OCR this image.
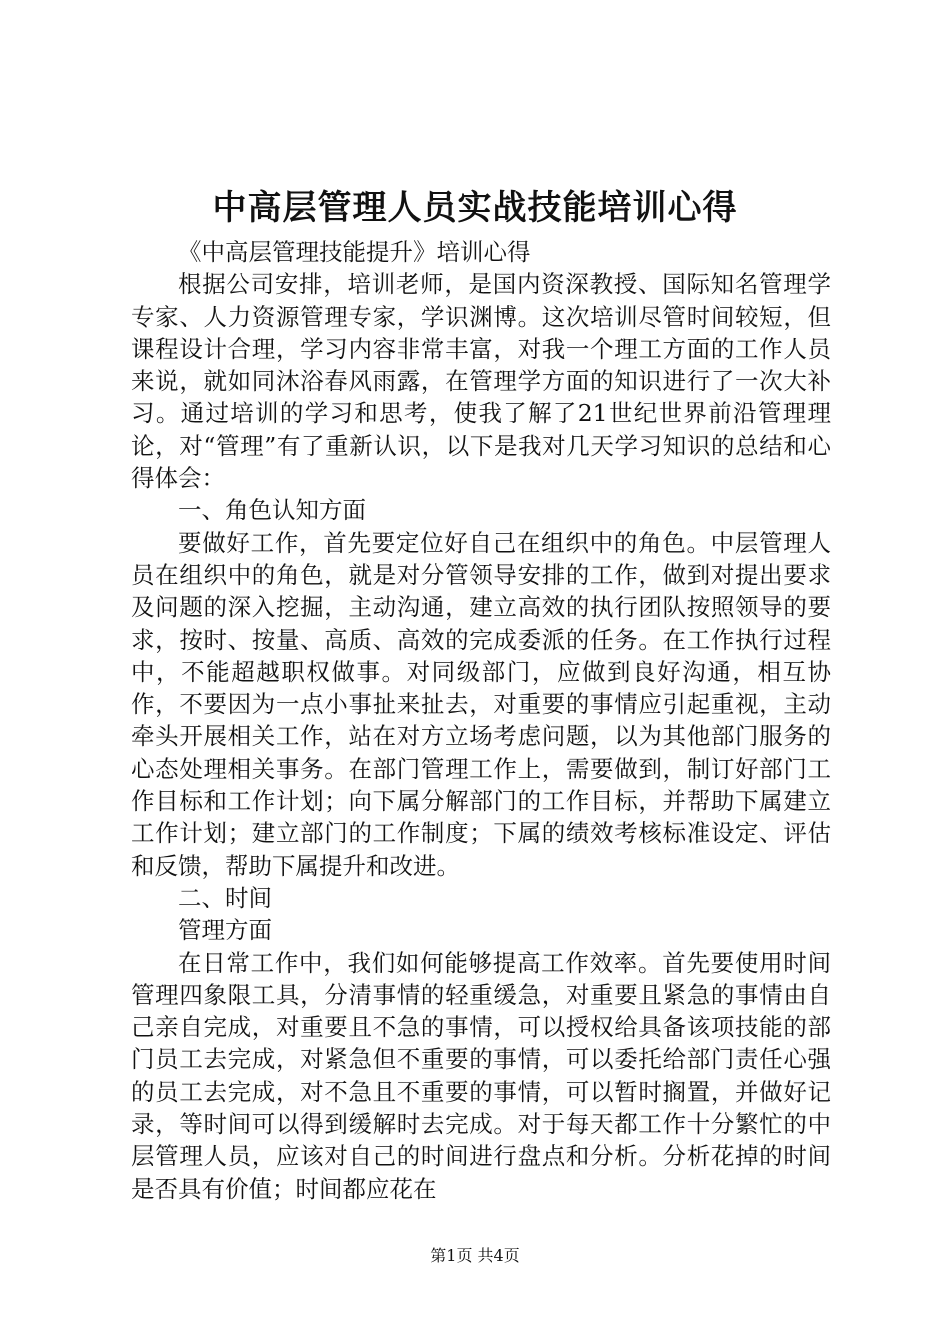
中高层管理人员实战技能培训心得

《中高层管理技能提升》培训心得

根据公司安排，培训老师，是国内资深教授、国际知名管理学专家、人力资源管理专家，学识渊博。这次培训尽管时间较短，但课程设计合理，学习内容非常丰富，对我一个理工方面的工作人员来说，就如同沐浴春风雨露，在管理学方面的知识进行了一次大补习。通过培训的学习和思考，使我了解了21世纪世界前沿管理理论，对“管理”有了重新认识，以下是我对几天学习知识的总结和心得体会：

一、角色认知方面

要做好工作，首先要定位好自己在组织中的角色。中层管理人员在组织中的角色，就是对分管领导安排的工作，做到对提出要求及问题的深入挖掘，主动沟通，建立高效的执行团队按照领导的要求，按时、按量、高质、高效的完成委派的任务。在工作执行过程中，不能超越职权做事。对同级部门，应做到良好沟通，相互协作，不要因为一点小事扯来扯去，对重要的事情应引起重视，主动牵头开展相关工作，站在对方立场考虑问题，以为其他部门服务的心态处理相关事务。在部门管理工作上，需要做到，制订好部门工作目标和工作计划；向下属分解部门的工作目标，并帮助下属建立工作计划；建立部门的工作制度；下属的绩效考核标准设定、评估和反馈，帮助下属提升和改进。

二、时间

管理方面

在日常工作中，我们如何能够提高工作效率。首先要使用时间管理四象限工具，分清事情的轻重缓急，对重要且紧急的事情由自己亲自完成，对重要且不急的事情，可以授权给具备该项技能的部门员工去完成，对紧急但不重要的事情，可以委托给部门责任心强的员工去完成，对不急且不重要的事情，可以暂时搁置，并做好记录，等时间可以得到缓解时去完成。对于每天都工作十分繁忙的中层管理人员，应该对自己的时间进行盘点和分析。分析花掉的时间是否具有价值；时间都应花在

第1页 共4页
